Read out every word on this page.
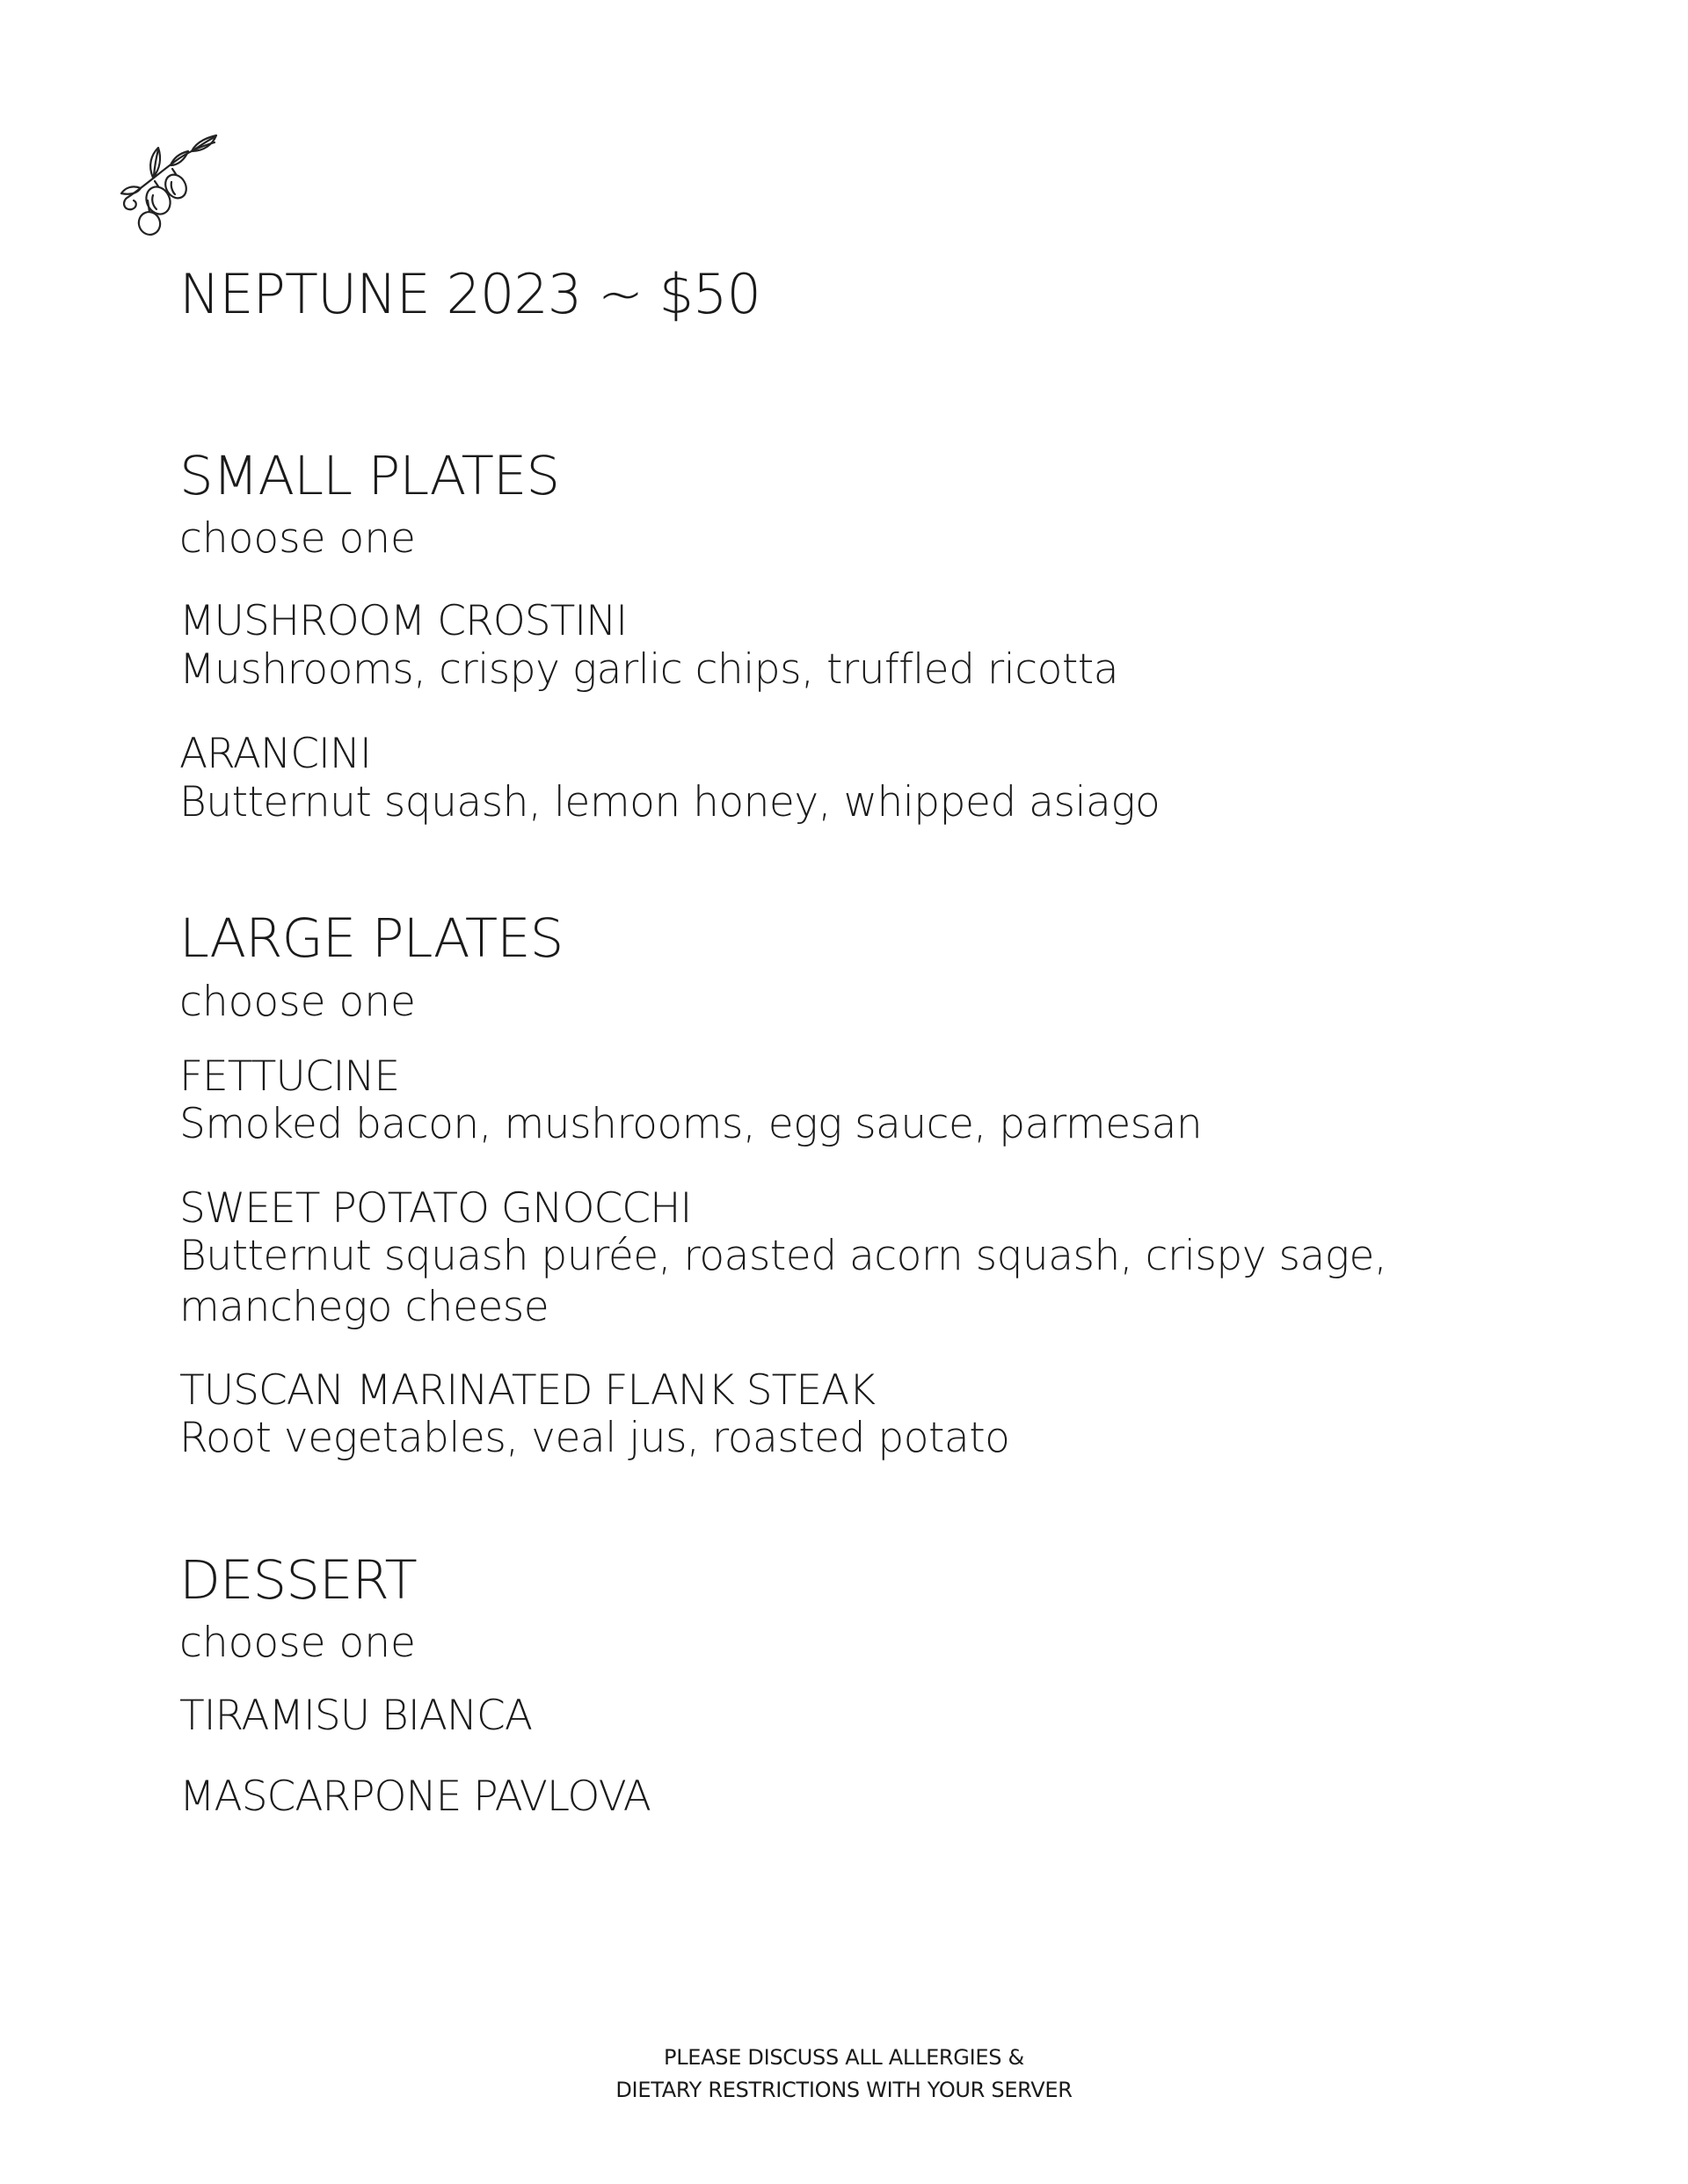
NEPTUNE 2023 ~ $50
SMALL PLATES
choose one
MUSHROOM CROSTINI
Mushrooms, crispy garlic chips, truffled ricotta
ARANCINI
Butternut squash, lemon honey, whipped asiago
LARGE PLATES
choose one
FETTUCINE
Smoked bacon, mushrooms, egg sauce, parmesan
SWEET POTATO GNOCCHI
Butternut squash purée, roasted acorn squash, crispy sage, manchego cheese
TUSCAN MARINATED FLANK STEAK
Root vegetables, veal jus, roasted potato
DESSERT
choose one
TIRAMISU BIANCA
MASCARPONE PAVLOVA
PLEASE DISCUSS ALL ALLERGIES &
DIETARY RESTRICTIONS WITH YOUR SERVER
